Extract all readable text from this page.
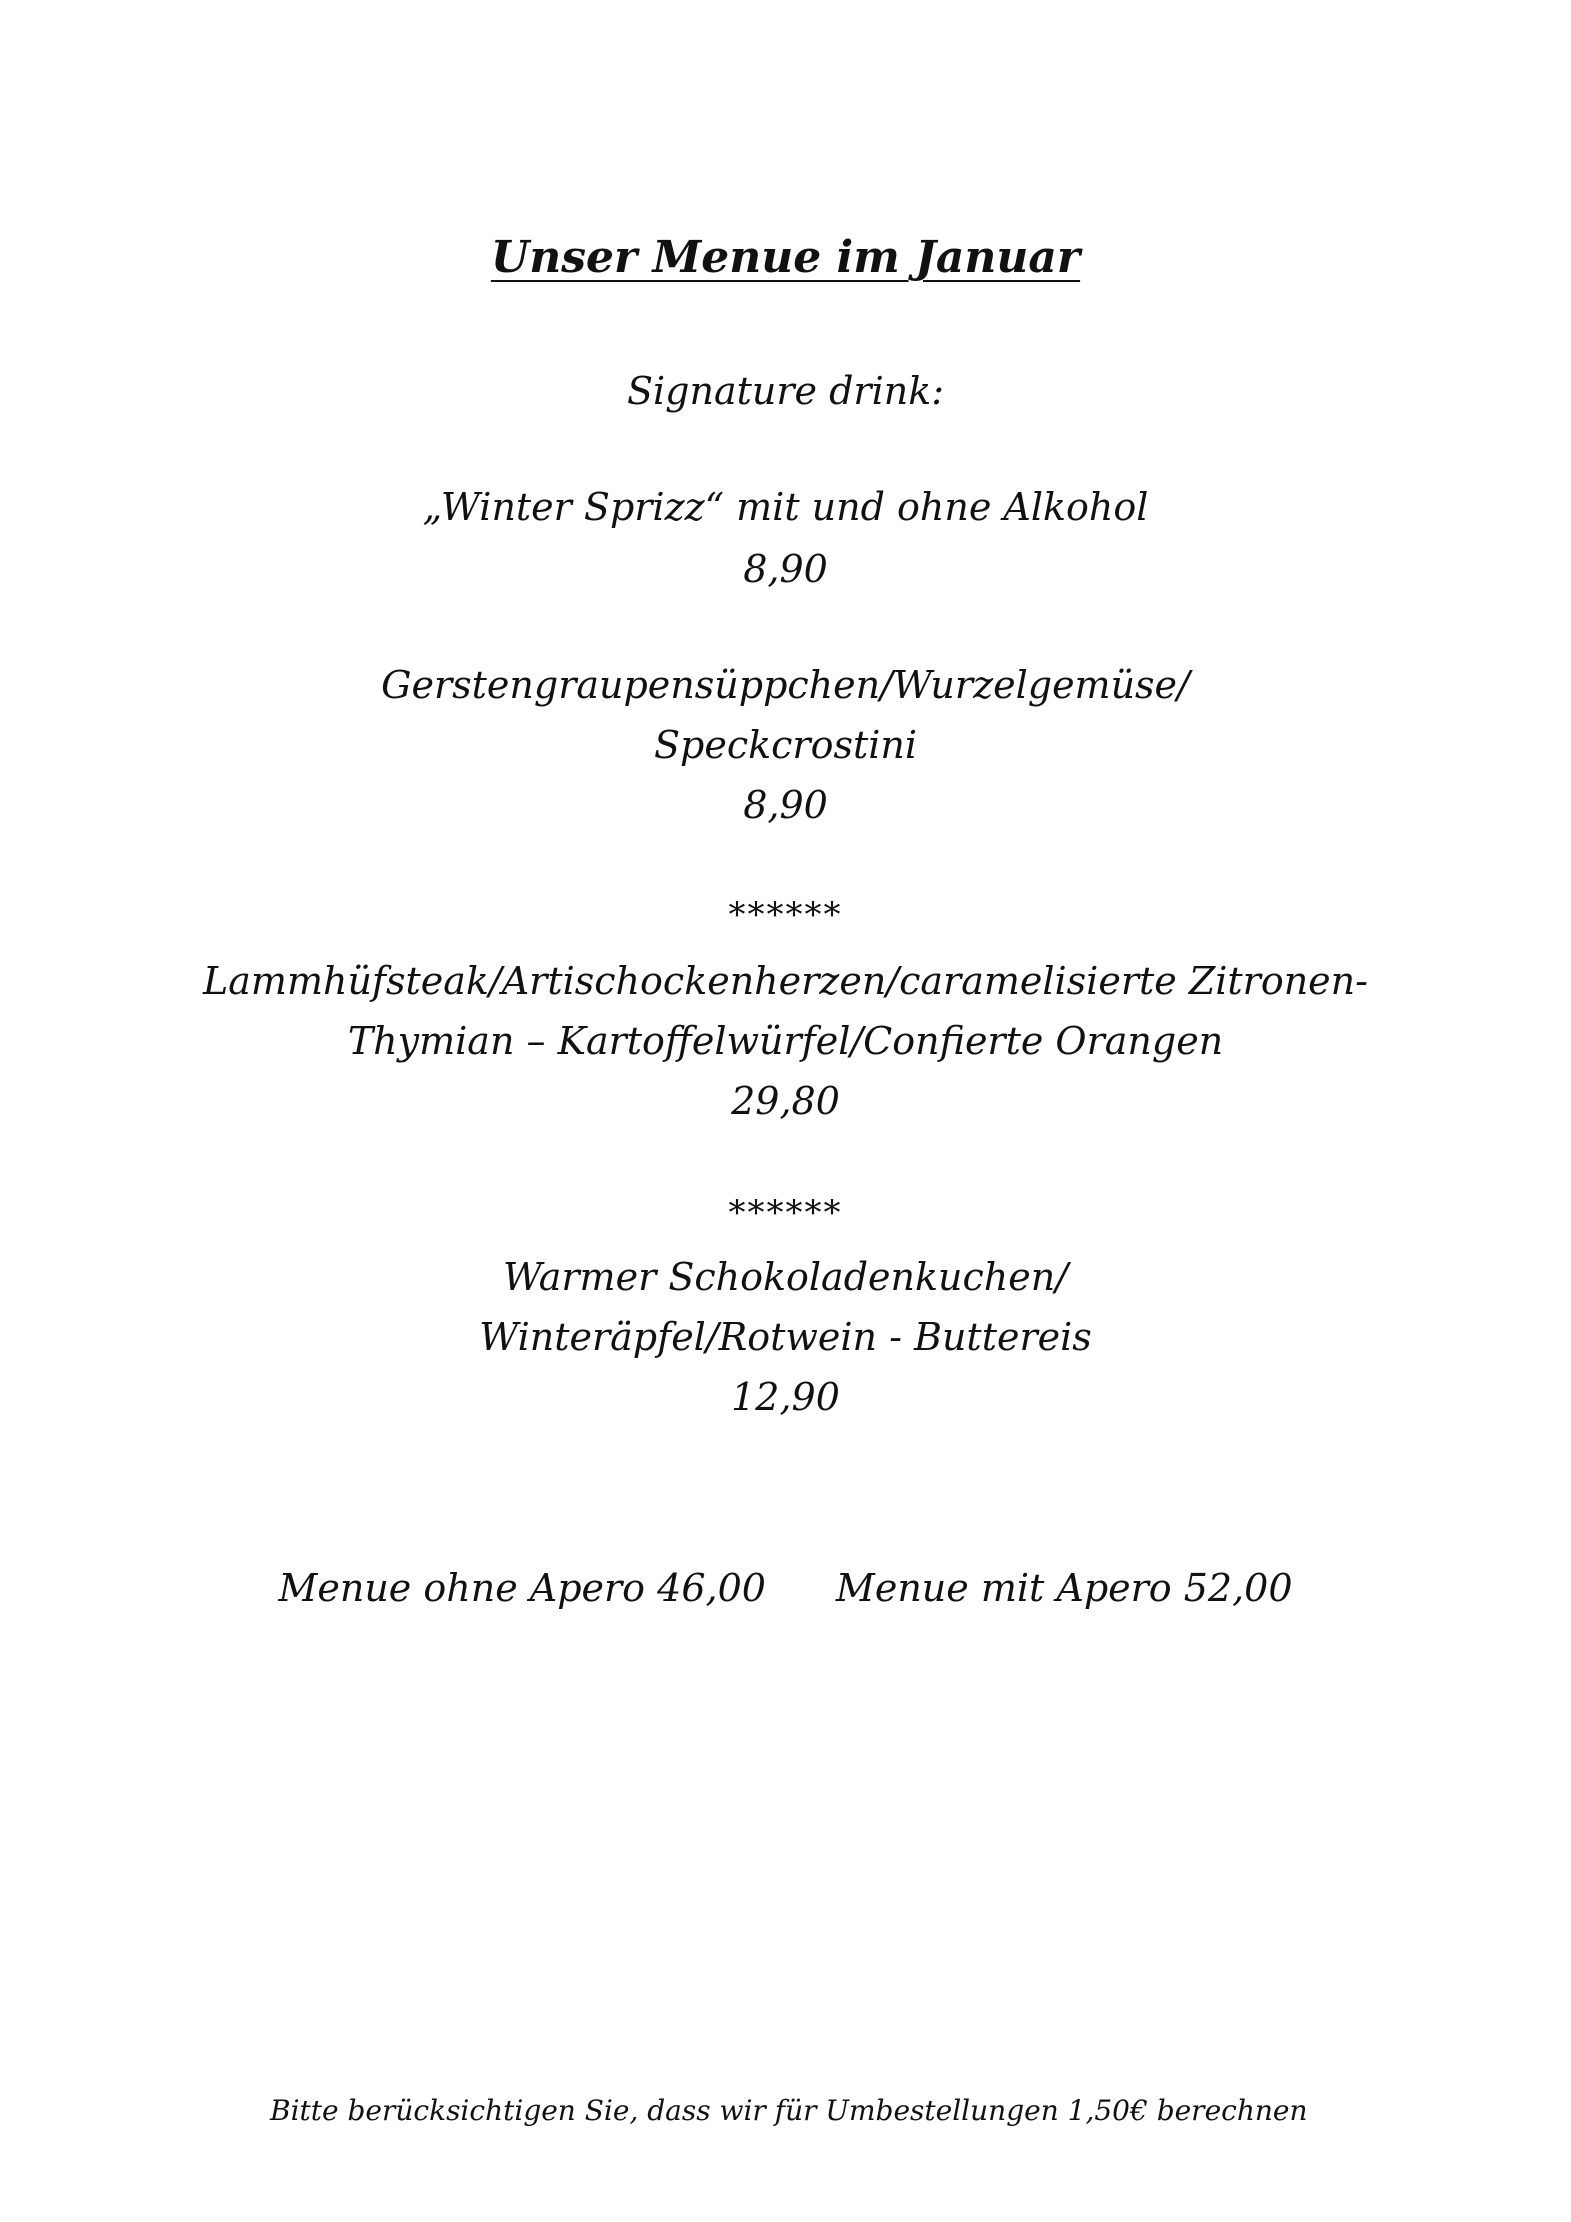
Unser Menue im Januar
Signature drink:
„Winter Sprizz“ mit und ohne Alkohol
8,90
Gerstengraupensüppchen/Wurzelgemüse/
Speckcrostini
8,90
******
Lammhüfsteak/Artischockenherzen/caramelisierte Zitronen-
Thymian – Kartoffelwürfel/Confierte Orangen
29,80
******
Warmer Schokoladenkuchen/
Winteräpfel/Rotwein - Buttereis
12,90
Menue ohne Apero 46,00 Menue mit Apero 52,00
Bitte berücksichtigen Sie, dass wir für Umbestellungen 1,50€ berechnen
